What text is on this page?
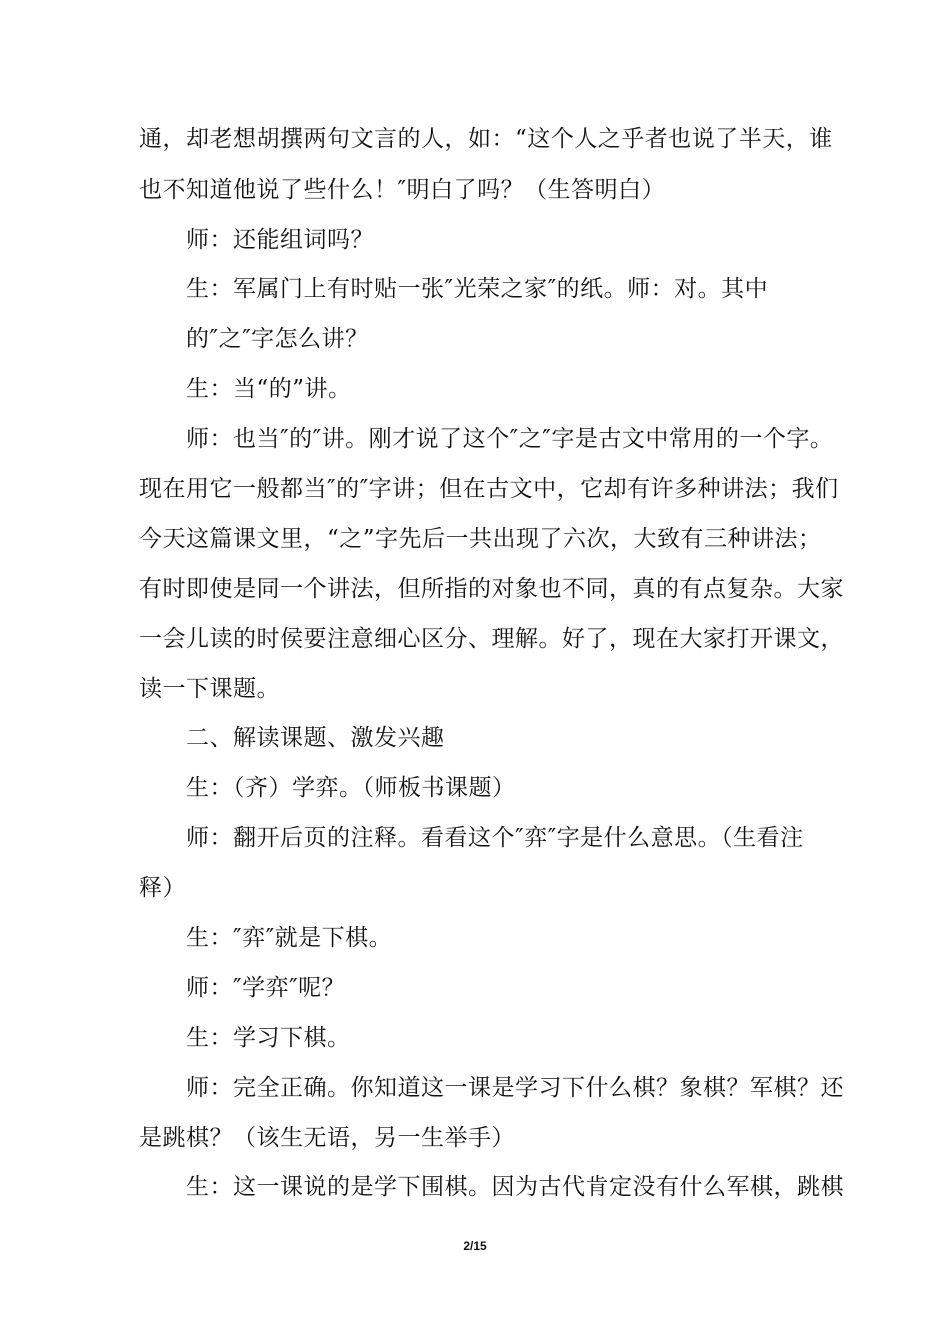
通，却老想胡撰两句文言的人，如：“这个人之乎者也说了半天，谁
也不知道他说了些什么！″明白了吗？（生答明白）
师：还能组词吗？
生：军属门上有时贴一张″光荣之家″的纸。师：对。其中
的″之″字怎么讲？
生：当“的”讲。
师：也当″的″讲。刚才说了这个″之″字是古文中常用的一个字。
现在用它一般都当″的″字讲；但在古文中，它却有许多种讲法；我们
今天这篇课文里，“之”字先后一共出现了六次，大致有三种讲法；
有时即使是同一个讲法，但所指的对象也不同，真的有点复杂。大家
一会儿读的时侯要注意细心区分、理解。好了，现在大家打开课文，
读一下课题。
二、解读课题、激发兴趣
生：（齐）学弈。（师板书课题）
师：翻开后页的注释。看看这个″弈″字是什么意思。（生看注
释）
生：″弈″就是下棋。
师：″学弈″呢？
生：学习下棋。
师：完全正确。你知道这一课是学习下什么棋？象棋？军棋？还
是跳棋？（该生无语，另一生举手）
生：这一课说的是学下围棋。因为古代肯定没有什么军棋，跳棋
2/15
